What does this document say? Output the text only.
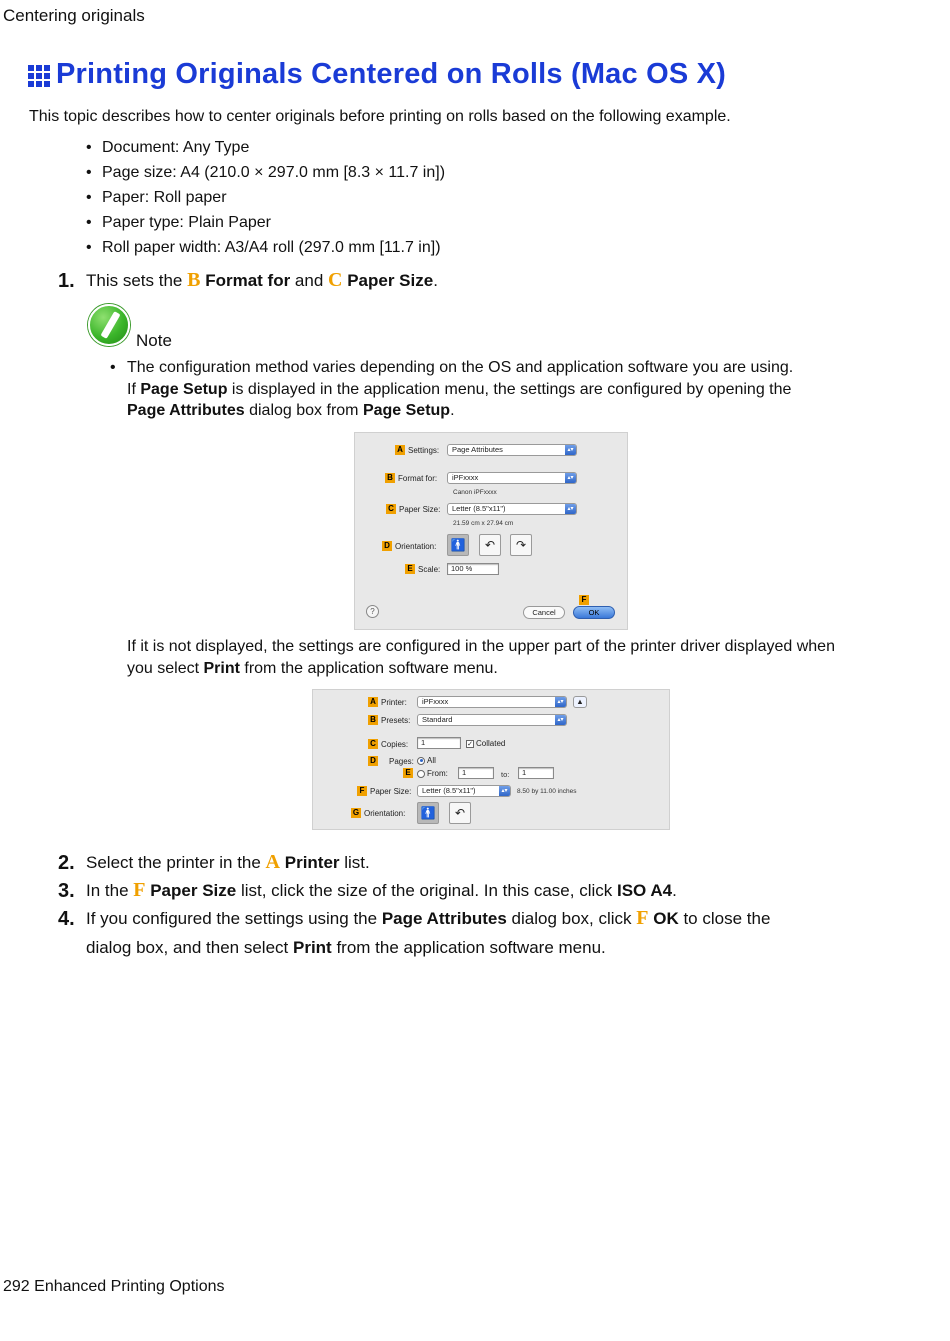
Centering originals
Printing Originals Centered on Rolls (Mac OS X)
This topic describes how to center originals before printing on rolls based on the following example.
• Document: Any Type
• Page size: A4 (210.0 × 297.0 mm [8.3 × 11.7 in])
• Paper: Roll paper
• Paper type: Plain Paper
• Roll paper width: A3/A4 roll (297.0 mm [11.7 in])
1. This sets the B Format for and C Paper Size.
Note
• The configuration method varies depending on the OS and application software you are using.
If Page Setup is displayed in the application menu, the settings are configured by opening the
Page Attributes dialog box from Page Setup.
A Settings:	Page Attributes	▴▾
B Format for:	iPFxxxx	▴▾
Canon iPFxxxx
C Paper Size:	Letter (8.5"x11")	▴▾
21.59 cm x 27.94 cm
D Orientation: 🚹	↶	↷
E Scale:	100 %
?	Cancel
F
OK
If it is not displayed, the settings are configured in the upper part of the printer driver displayed when
you select Print from the application software menu.
A Printer:	iPFxxxx	▴▾	▲
B Presets:	Standard	▴▾
C Copies:	1	✓ Collated
D Pages: All
E From:	1	to:	1
F Paper Size:	Letter (8.5"x11")	▴▾	8.50 by 11.00 inches
G Orientation: 🚹	↶
2. Select the printer in the A Printer list.
3. In the F Paper Size list, click the size of the original. In this case, click ISO A4.
4. If you configured the settings using the Page Attributes dialog box, click F OK to close the
dialog box, and then select Print from the application software menu.
292 Enhanced Printing Options
